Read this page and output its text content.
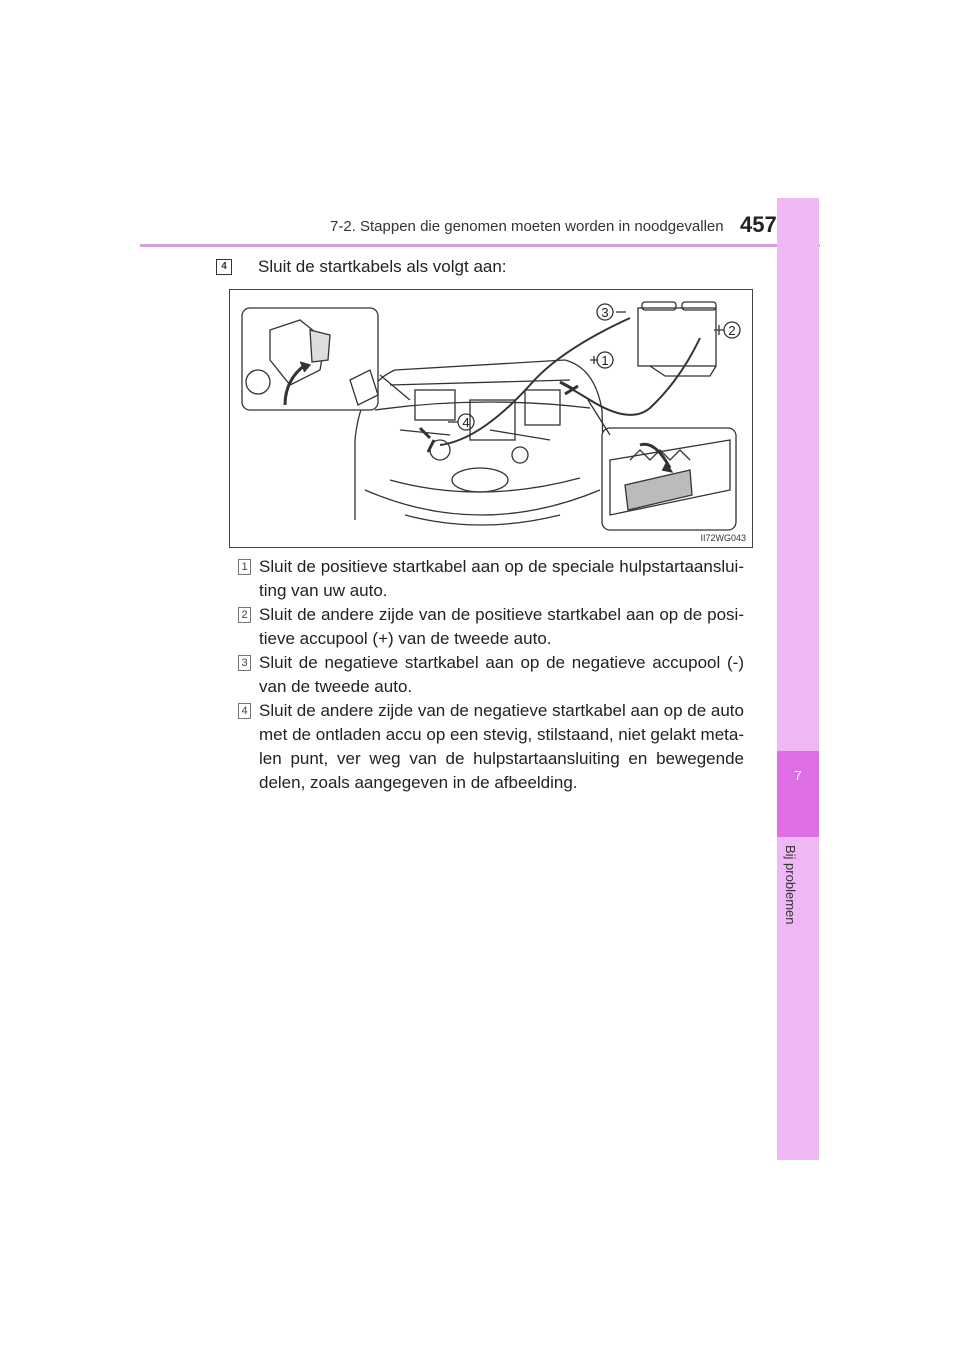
7-2. Stappen die genomen moeten worden in noodgevallen 457
7
Bij problemen
4	Sluit de startkabels als volgt aan:
1
2
3
4
II72WG043
1 Sluit de positieve startkabel aan op de speciale hulpstartaanslui-ting van uw auto.
2 Sluit de andere zijde van de positieve startkabel aan op de posi-tieve accupool (+) van de tweede auto.
3 Sluit de negatieve startkabel aan op de negatieve accupool (-) van de tweede auto.
4 Sluit de andere zijde van de negatieve startkabel aan op de auto met de ontladen accu op een stevig, stilstaand, niet gelakt meta-len punt, ver weg van de hulpstartaansluiting en bewegende delen, zoals aangegeven in de afbeelding.
